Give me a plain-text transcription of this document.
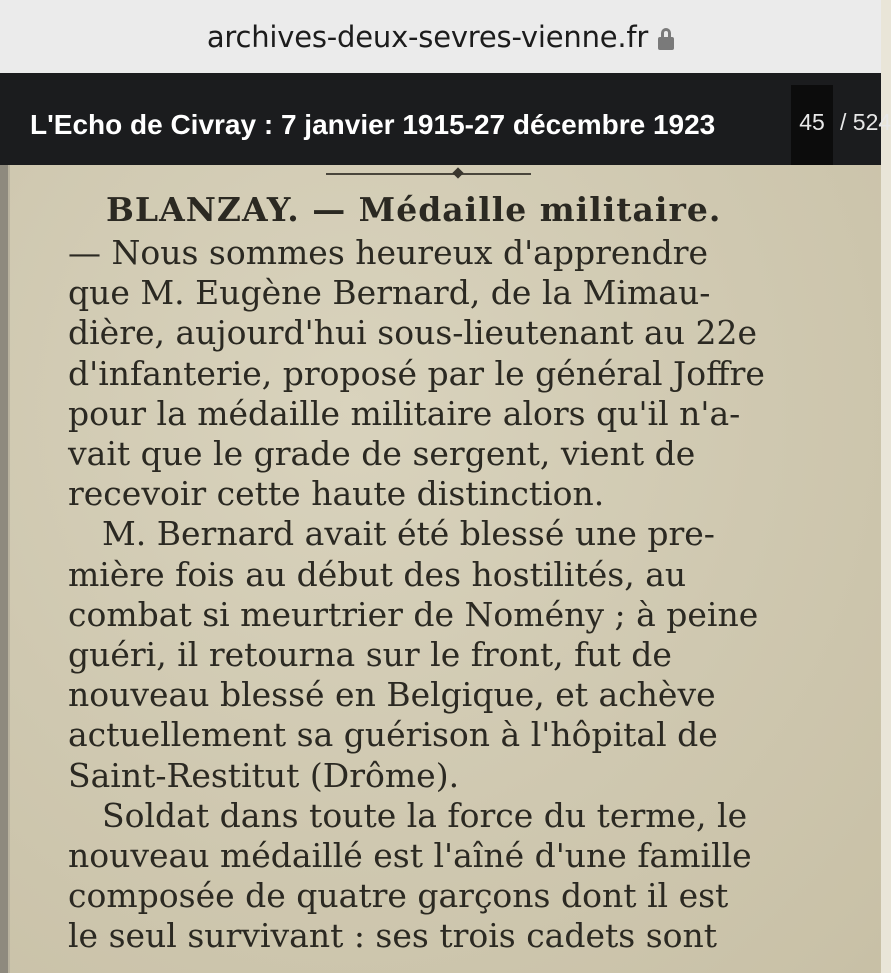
archives-deux-sevres-vienne.fr
L'Echo de Civray : 7 janvier 1915-27 décembre 1923	45 / 524
BLANZAY. — Médaille militaire.
— Nous sommes heureux d'apprendre
que M. Eugène Bernard, de la Mimau-
dière, aujourd'hui sous-lieutenant au 22e
d'infanterie, proposé par le général Joffre
pour la médaille militaire alors qu'il n'a-
vait que le grade de sergent, vient de
recevoir cette haute distinction.
M. Bernard avait été blessé une pre-
mière fois au début des hostilités, au
combat si meurtrier de Nomény ; à peine
guéri, il retourna sur le front, fut de
nouveau blessé en Belgique, et achève
actuellement sa guérison à l'hôpital de
Saint-Restitut (Drôme).
Soldat dans toute la force du terme, le
nouveau médaillé est l'aîné d'une famille
composée de quatre garçons dont il est
le seul survivant : ses trois cadets sont
